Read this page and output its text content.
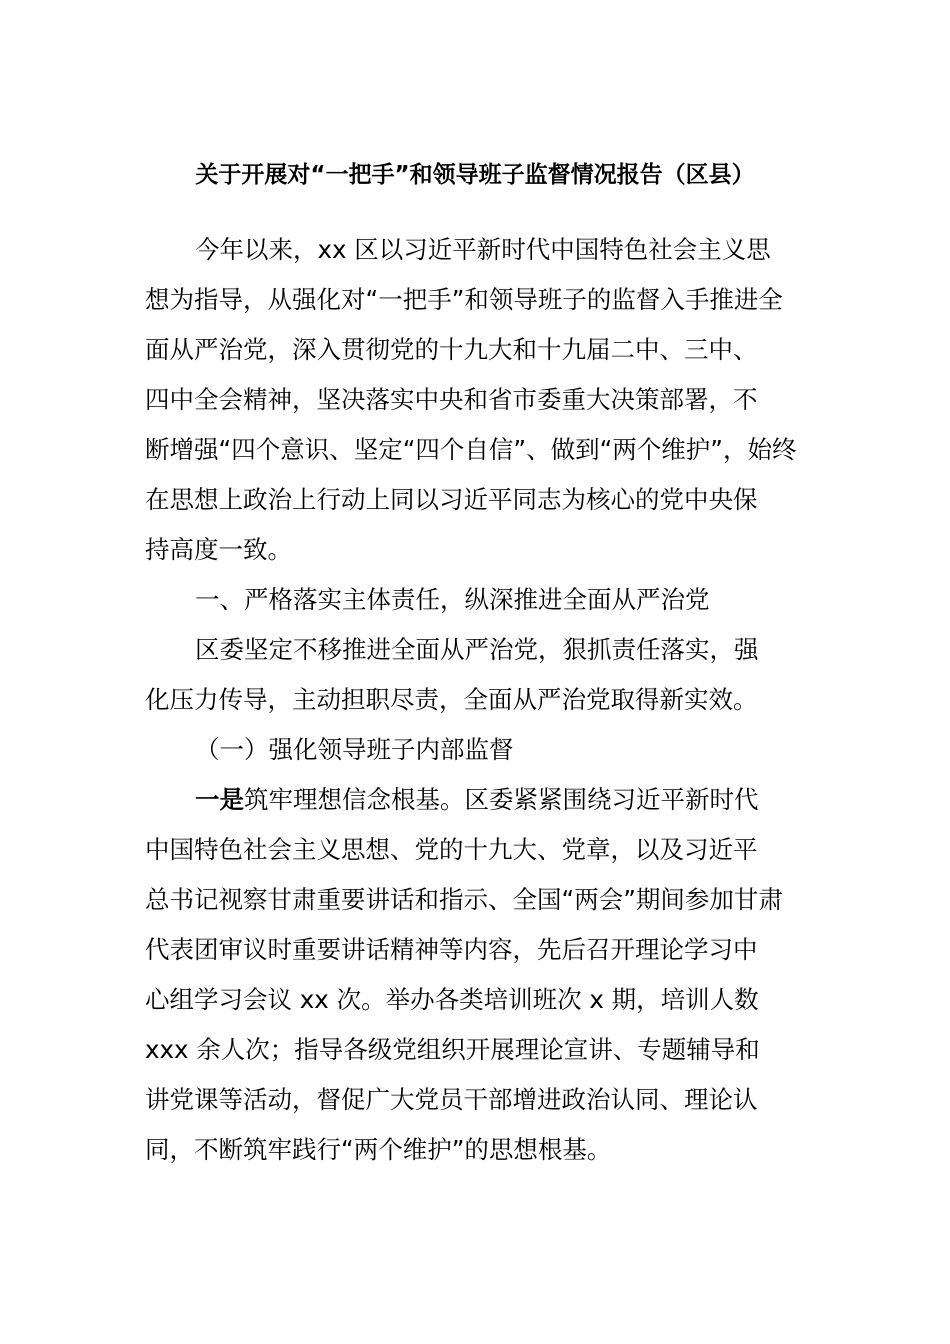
关于开展对“一把手”和领导班子监督情况报告（区县）
今年以来，xx 区以习近平新时代中国特色社会主义思
想为指导，从强化对“一把手”和领导班子的监督入手推进全
面从严治党，深入贯彻党的十九大和十九届二中、三中、
四中全会精神，坚决落实中央和省市委重大决策部署，不
断增强“四个意识、坚定“四个自信”、做到“两个维护”，始终
在思想上政治上行动上同以习近平同志为核心的党中央保
持高度一致。
一、严格落实主体责任，纵深推进全面从严治党
区委坚定不移推进全面从严治党，狠抓责任落实，强
化压力传导，主动担职尽责，全面从严治党取得新实效。
（一）强化领导班子内部监督
一是筑牢理想信念根基。区委紧紧围绕习近平新时代
中国特色社会主义思想、党的十九大、党章，以及习近平
总书记视察甘肃重要讲话和指示、全国“两会”期间参加甘肃
代表团审议时重要讲话精神等内容，先后召开理论学习中
心组学习会议 xx 次。举办各类培训班次 x 期，培训人数
xxx 余人次；指导各级党组织开展理论宣讲、专题辅导和
讲党课等活动，督促广大党员干部增进政治认同、理论认
同，不断筑牢践行“两个维护”的思想根基。
